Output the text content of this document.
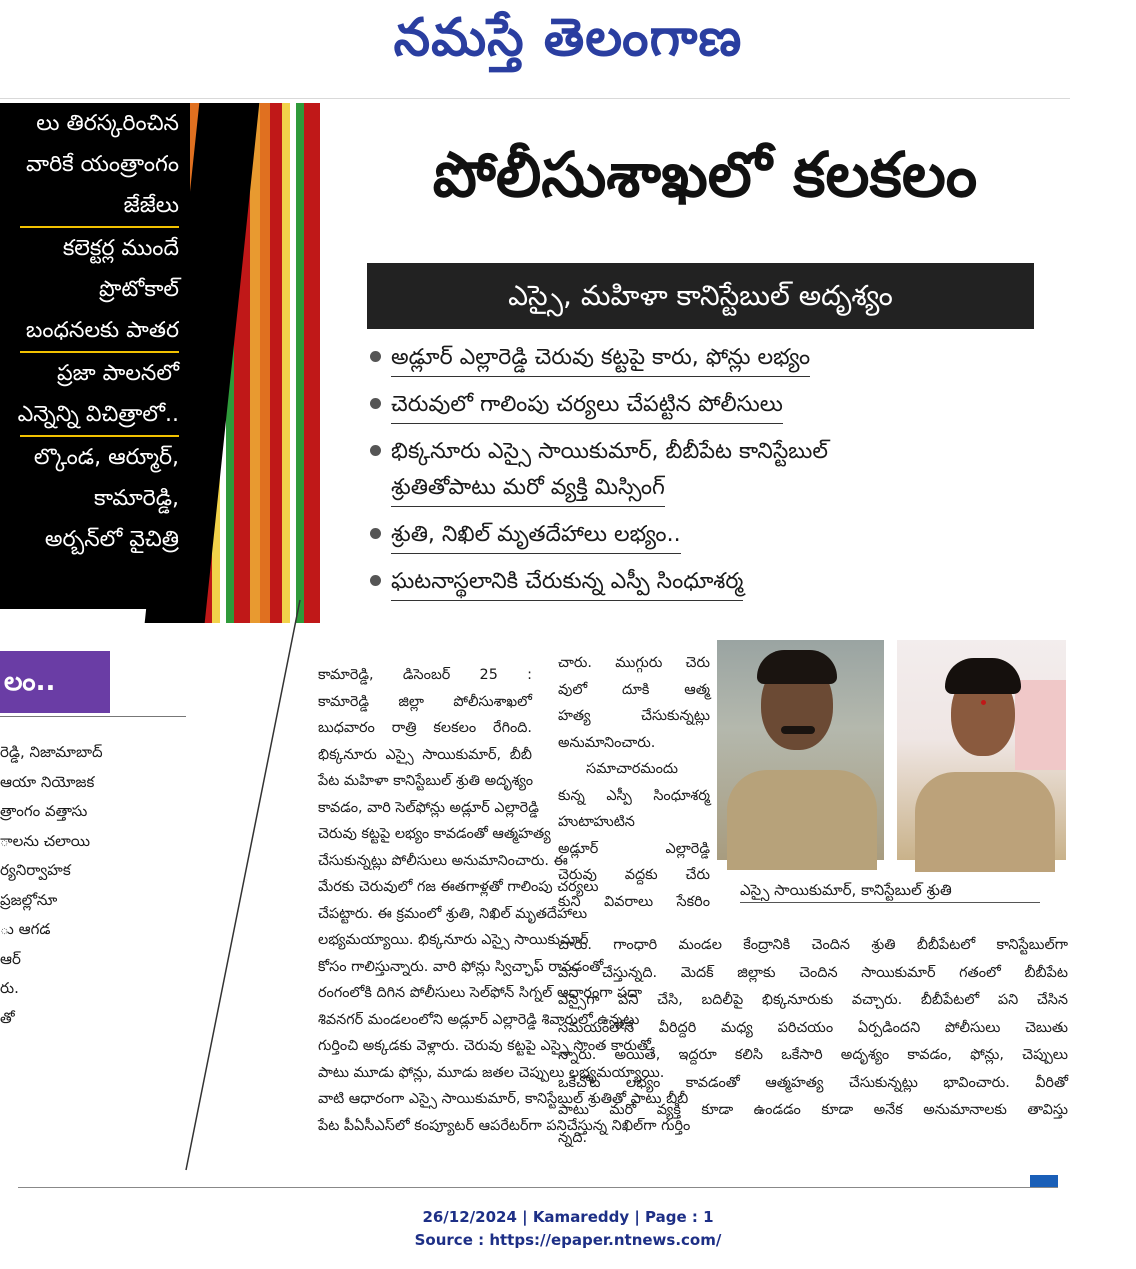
నమస్తే తెలంగాణ
లు తిరస్కరించిన
వారికే యంత్రాంగం
జేజేలు
కలెక్టర్ల ముందే
ప్రొటోకాల్
బంధనలకు పాతర
ప్రజా పాలనలో
ఎన్నెన్ని విచిత్రాలో..
ల్కొండ, ఆర్మూర్,
కామారెడ్డి,
అర్బన్‌లో వైచిత్రి
లం..
రెడ్డి, నిజామాబాద్
ఆయా నియోజక
త్రాంగం వత్తాసు
ాలను చలాయి
ర్యనిర్వాహక
ప్రజల్లోనూ
ు ఆగడ
ఆర్
రు.
తో
పోలీసుశాఖలో కలకలం
ఎస్సై, మహిళా కానిస్టేబుల్ అదృశ్యం
అడ్లూర్ ఎల్లారెడ్డి చెరువు కట్టపై కారు, ఫోన్లు లభ్యం
చెరువులో గాలింపు చర్యలు చేపట్టిన పోలీసులు
భిక్కనూరు ఎస్సై సాయికుమార్, బీబీపేట కానిస్టేబుల్
శ్రుతితోపాటు మరో వ్యక్తి మిస్సింగ్
శ్రుతి, నిఖిల్ మృతదేహాలు లభ్యం..
ఘటనాస్థలానికి చేరుకున్న ఎస్పీ సింధూశర్మ
కామారెడ్డి, డిసెంబర్ 25 :
కామారెడ్డి జిల్లా పోలీసుశాఖలో
బుధవారం రాత్రి కలకలం రేగింది.
భిక్కనూరు ఎస్సై సాయికుమార్, బీబీ
పేట మహిళా కానిస్టేబుల్ శ్రుతి అదృశ్యం
కావడం, వారి సెల్‌ఫోన్లు అడ్లూర్ ఎల్లారెడ్డి
చెరువు కట్టపై లభ్యం కావడంతో ఆత్మహత్య
చేసుకున్నట్లు పోలీసులు అనుమానించారు. ఈ
మేరకు చెరువులో గజ ఈతగాళ్లతో గాలింపు చర్యలు
చేపట్టారు. ఈ క్రమంలో శ్రుతి, నిఖిల్ మృతదేహాలు
లభ్యమయ్యాయి. భిక్కనూరు ఎస్సై సాయికుమార్
కోసం గాలిస్తున్నారు. వారి ఫోన్లు స్విచ్ఛాఫ్ రావడంతో
రంగంలోకి దిగిన పోలీసులు సెల్‌ఫోన్ సిగ్నల్ ఆధారంగా సదా
శివనగర్ మండలంలోని అడ్లూర్ ఎల్లారెడ్డి శివారులో ఉన్నట్లు
గుర్తించి అక్కడకు వెళ్లారు. చెరువు కట్టపై ఎస్సై సొంత కారుతో
పాటు మూడు ఫోన్లు, మూడు జతల చెప్పులు లభ్యమయ్యాయి.
వాటి ఆధారంగా ఎస్సై సాయికుమార్, కానిస్టేబుల్ శ్రుతితో పాటు బీబీ
పేట పీఏసీఎస్‌లో కంప్యూటర్ ఆపరేటర్‌గా పనిచేస్తున్న నిఖిల్‌గా గుర్తిం
చారు. ముగ్గురు చెరు
వులో దూకి ఆత్మ
హత్య చేసుకున్నట్లు
అనుమానించారు.
సమాచారమందు
కున్న ఎస్పీ సింధూశర్మ
హుటాహుటిన
అడ్లూర్ ఎల్లారెడ్డి
చెరువు వద్దకు చేరు
కుని వివరాలు సేకరిం
ఎస్సై సాయికుమార్, కానిస్టేబుల్ శ్రుతి
చారు. గాంధారి మండల కేంద్రానికి చెందిన శ్రుతి బీబీపేటలో కానిస్టేబుల్‌గా
పని చేస్తున్నది. మెదక్ జిల్లాకు చెందిన సాయికుమార్ గతంలో బీబీపేట
ఎస్సైగా పని చేసి, బదిలీపై భిక్కనూరుకు వచ్చారు. బీబీపేటలో పని చేసిన
సమయంలోనే వీరిద్దరి మధ్య పరిచయం ఏర్పడిందని పోలీసులు చెబుతు
న్నారు. అయితే, ఇద్దరూ కలిసి ఒకేసారి అదృశ్యం కావడం, ఫోన్లు, చెప్పులు
ఒకేచోట లభ్యం కావడంతో ఆత్మహత్య చేసుకున్నట్లు భావించారు. వీరితో
పాటు మరో వ్యక్తి కూడా ఉండడం కూడా అనేక అనుమానాలకు తావిస్తు
న్నది.
26/12/2024 | Kamareddy | Page : 1
Source : https://epaper.ntnews.com/
